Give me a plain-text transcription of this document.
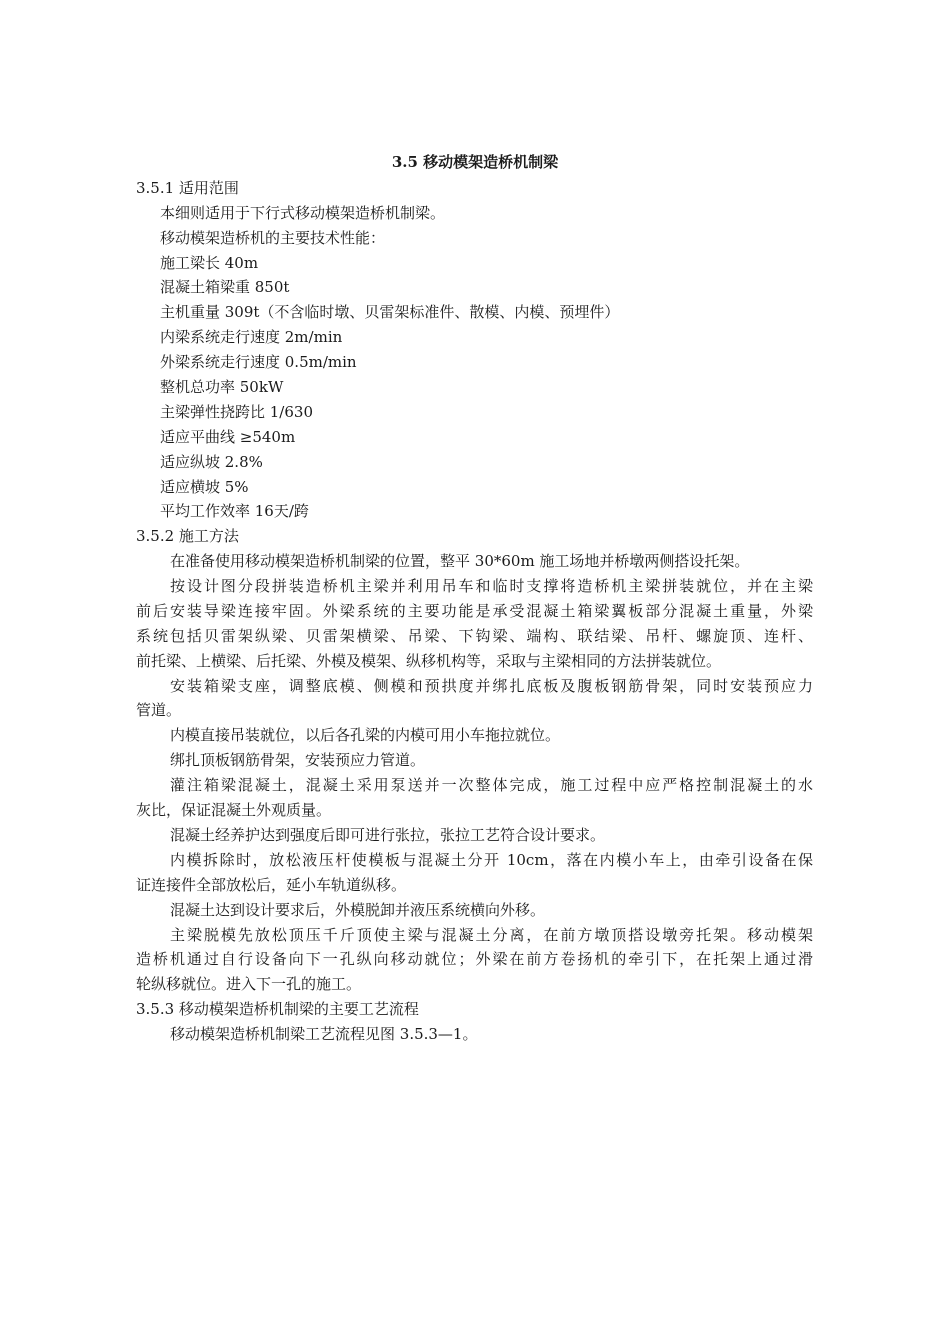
3.5 移动模架造桥机制梁
3.5.1 适用范围
本细则适用于下行式移动模架造桥机制梁。
移动模架造桥机的主要技术性能：
施工梁长 40m
混凝土箱梁重 850t
主机重量 309t（不含临时墩、贝雷架标准件、散模、内模、预埋件）
内梁系统走行速度 2m/min
外梁系统走行速度 0.5m/min
整机总功率 50kW
主梁弹性挠跨比 1/630
适应平曲线 ≥540m
适应纵坡 2.8%
适应横坡 5%
平均工作效率 16天/跨
3.5.2 施工方法
在准备使用移动模架造桥机制梁的位置，整平 30*60m 施工场地并桥墩两侧搭设托架。
按设计图分段拼装造桥机主梁并利用吊车和临时支撑将造桥机主梁拼装就位，并在主梁
前后安装导梁连接牢固。外梁系统的主要功能是承受混凝土箱梁翼板部分混凝土重量，外梁
系统包括贝雷架纵梁、贝雷架横梁、吊梁、下钩梁、端构、联结梁、吊杆、螺旋顶、连杆、
前托梁、上横梁、后托梁、外模及模架、纵移机构等，采取与主梁相同的方法拼装就位。
安装箱梁支座，调整底模、侧模和预拱度并绑扎底板及腹板钢筋骨架，同时安装预应力
管道。
内模直接吊装就位，以后各孔梁的内模可用小车拖拉就位。
绑扎顶板钢筋骨架，安装预应力管道。
灌注箱梁混凝土，混凝土采用泵送并一次整体完成，施工过程中应严格控制混凝土的水
灰比，保证混凝土外观质量。
混凝土经养护达到强度后即可进行张拉，张拉工艺符合设计要求。
内模拆除时，放松液压杆使模板与混凝土分开 10cm，落在内模小车上，由牵引设备在保
证连接件全部放松后，延小车轨道纵移。
混凝土达到设计要求后，外模脱卸并液压系统横向外移。
主梁脱模先放松顶压千斤顶使主梁与混凝土分离，在前方墩顶搭设墩旁托架。移动模架
造桥机通过自行设备向下一孔纵向移动就位；外梁在前方卷扬机的牵引下，在托架上通过滑
轮纵移就位。进入下一孔的施工。
3.5.3 移动模架造桥机制梁的主要工艺流程
移动模架造桥机制梁工艺流程见图 3.5.3—1。
